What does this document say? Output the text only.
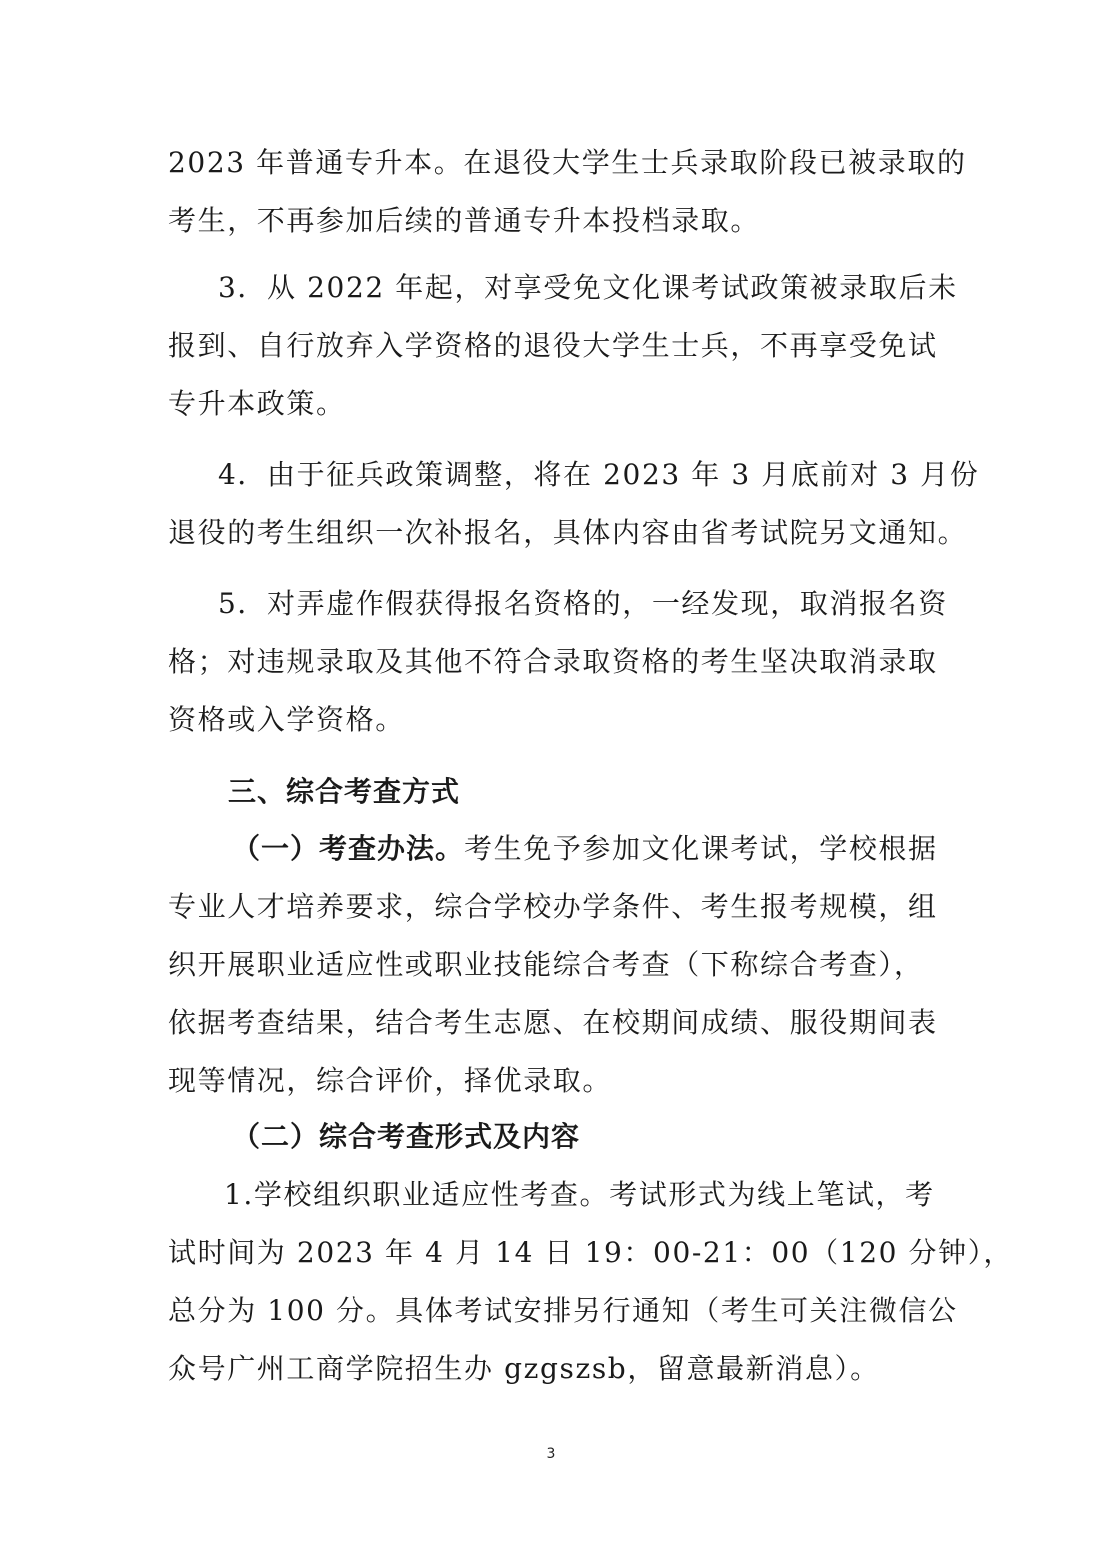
2023 年普通专升本。在退役大学生士兵录取阶段已被录取的
考生，不再参加后续的普通专升本投档录取。
3．从 2022 年起，对享受免文化课考试政策被录取后未
报到、自行放弃入学资格的退役大学生士兵，不再享受免试
专升本政策。
4．由于征兵政策调整，将在 2023 年 3 月底前对 3 月份
退役的考生组织一次补报名，具体内容由省考试院另文通知。
5．对弄虚作假获得报名资格的，一经发现，取消报名资
格；对违规录取及其他不符合录取资格的考生坚决取消录取
资格或入学资格。
三、综合考查方式
（一）考查办法。考生免予参加文化课考试，学校根据
专业人才培养要求，综合学校办学条件、考生报考规模，组
织开展职业适应性或职业技能综合考查（下称综合考查），
依据考查结果，结合考生志愿、在校期间成绩、服役期间表
现等情况，综合评价，择优录取。
（二）综合考查形式及内容
1.学校组织职业适应性考查。考试形式为线上笔试，考
试时间为 2023 年 4 月 14 日 19：00-21：00（120 分钟），
总分为 100 分。具体考试安排另行通知（考生可关注微信公
众号广州工商学院招生办 gzgszsb，留意最新消息）。
3
